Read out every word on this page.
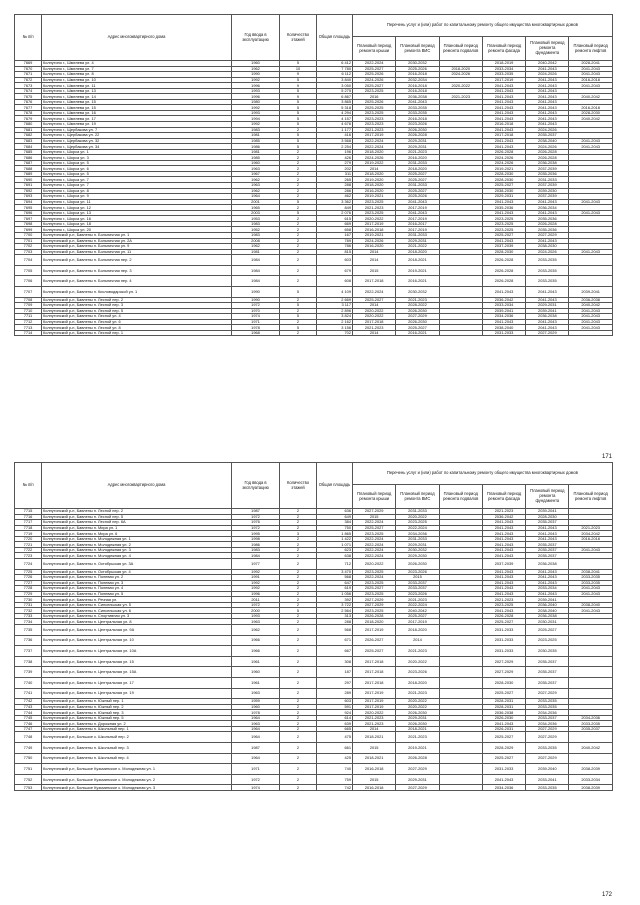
№ п/п	Адрес многоквартирного дома	Год ввода в эксплуатацию	Количество этажей	Общая площадь	Перечень услуг и (или) работ по капитальному ремонту общего имущества многоквартирных домов					
					Плановый период ремонта крыши	Плановый период ремонта ВИС	Плановый период ремонта подвалов	Плановый период ремонта фасада	Плановый период ремонта фундамента	Плановый период ремонта лифтов
7669	Колпутино г., Шмелева ул. 4	1960	5	6 412	2022-2024	2030-2032		2018-2019	2040-2042	2028-2041
7670	Колпутино г., Шмелева ул. 7	1962	10	7 780	2025-2027	2025-2026	2018-2020	2033-2034	2041-2043	2041-2043
7671	Колпутино г., Шмелева ул. 8	1990	9	6 112	2025-2026	2016-2018	2024-2026	2033-2035	2024-2026	2041-2043
7672	Колпутино г., Шмелева ул. 10	1992	5	3 840	2024-2026	2032-2034		2017-2019	2041-2043	2016-2018
7673	Колпутино г., Шмелева ул. 11	1996	9	3 050	2025-2027	2016-2018	2020-2022	2041-2043	2041-2043	2041-2043
7674	Колпутино г., Шмелева ул. 13	1993	5	5 275	2023-2025	2016-2018		2041-2043	2041-2043	
7675	Колпутино г., Шмелева ул. 14	1996	9	6 867	2016	2036-2038	2021-2023	2041-2043	2041-2043	2040-2042
7676	Колпутино г., Шмелева ул. 15	1980	5	3 865	2025-2026	2041-2043		2041-2043	2041-2043	
7677	Колпутино г., Шмелева ул. 15	1992	5	5 318	2025-2025	2033-2035		2041-2043	2041-2043	2016-2018
7678	Колпутино г., Шмелева ул. 16	1993	5	4 294	2023-2025	2033-2035		2041-2043	2041-2043	2028-2030
7679	Колпутино г., Шмелева ул. 17	1994	5	4 157	2023-2023	2016-2018		2041-2043	2041-2043	2040-2042
7680	Колпутино г., Шмелева ул. 19	1992	5	4 676	2023-2023	2023-2026		2016-2018	2041-2043	
7681	Колпутино г., Щербакова ул. 7	1983	2	1 177	2021-2023	2026-2030		2041-2043	2024-2026	
7682	Колпутино г., Щербакова ул. 22	1981	5	416	2017-2019	2026-2028		2017-2018	2035-2037	
7683	Колпутино г., Щербакова ул. 32	1985	5	3 568	2022-2024	2029-2031		2041-2043	2038-2040	2041-2043
7684	Колпутино г., Щербакова ул. 34	1986	5	2 254	2022-2024	2029-2031		2041-2043	2024-2026	2041-2043
7685	Колпутино г., Шорса ул. 1	1981	2	196	2018-2020	2021-2023		2026-2028	2026-2028	
7686	Колпутино г., Шорса ул. 3	1985	2	426	2024-2026	2016-2020		2024-2026	2026-2028	
7687	Колпутино г., Шорса ул. 5	1960	2	279	2019-2022	2031-2033		2024-2026	2036-2038	
7688	Колпутино г., Шорса ул. 6	1963	2	202	2014	2018-2020		2019-2021	2037-2039	
7689	Колпутино г., Шорса ул. 5	1967	2	311	2018-2020	2025-2027		2028-2030	2035-2036	
7690	Колпутино г., Шорса ул. 7	1962	2	265	2019-2020	2025-2027		2028-2030	2031-2033	
7691	Колпутино г., Шорса ул. 7	1963	2	288	2018-2020	2031-2033		2025-2027	2037-2039	
7692	Колпутино г., Шорса ул. 8	1962	2	286	2016-2020	2025-2027		2038-2030	2039-2030	
7693	Колпутино г., Шорса ул. 9	1964	2	462	2019-2021	2025-2026		2029-2031	2037-2039	
7694	Колпутино г., Шорса ул. 11	2001	5	3 362	2023-2025	2041-2043		2041-2043	2041-2043	2041-2043
7695	Колпутино г., Шорса ул. 12	1965	2	849	2021-2023	2017-2019		2035-2036	2036-2034	
7696	Колпутино г., Шорса ул. 13	2003	5	2 076	2023-2025	2041-2043		2041-2043	2041-2043	2041-2043
7697	Колпутино г., Шорса ул. 16	1953	2	615	2020-2022	2017-2019		2023-2025	2035-2036	
7698	Колпутино г., Шорса ул. 18	1983	2	669	2017-2019	2016-2017		2023-2025	2026-2028	
7699	Колпутино г., Шорса ул. 20	1952	2	658	2016-2018	2017-2019		2023-2025	2035-2036	
7700	Колпутинский р-н, Бавлены п. Больничная ул. 1	1983	2	167	2019-2021	2031-2033		2025-2027	2027-2029	
7701	Колпутинский р-н, Бавлены п. Больничная ул. 2А	2008	2	789	2024-2026	2029-2031		2041-2043	2041-2043	
7702	Колпутинский р-н, Бавлены п. Больничная ул. 9	1962	2	786	2016-2020	2021-2022		2037-2039	2038-2030	
7703	Колпутинский р-н, Бавлены п. Больничная ул. 11	1981	2	815	2014	2018-2020		2028-2030	2024-2026	2041-2043
7704	Колпутинский р-н, Бавлены п. Больничная пер. 2	1984	2	603	2014	2018-2021		2026-2028	2033-2035	
7705	Колпутинский р-н, Бавлены п. Больничная пер. 3	1984	2	679	2015	2019-2021		2026-2028	2033-2035	
7706	Колпутинский р-н, Бавлены п. Больничная пер. 4	1984	2	608	2017-2018	2016-2021		2026-2028	2033-2035	
7707	Колпутинский р-н, Бавлены п. Кисловодарской ул. 1	1990	5	4 109	2022-2024	2030-2032		2041-2043	2041-2043	2039-2041
7708	Колпутинский р-н, Бавлены п. Лесной пер. 2	1990	2	2 669	2025-2027	2021-2023		2036-2042	2041-2043	2036-2038
7709	Колпутинский р-н, Бавлены п. Лесной пер. 3	1972	5	3 117	2014	2028-2022		2033-2034	2029-2031	2040-2042
7710	Колпутинский р-н, Бавлены п. Лесной пер. 5	1970	2	2 896	2020-2022	2026-2030		2039-2041	2039-2041	2041-2043
7711	Колпутинский р-н, Бавлены п. Лесной ул. 4	1974	5	3 824	2020-2022	2027-2029		2034-2036	2036-2038	2041-2043
7712	Колпутинский р-н, Бавлены п. Лесной ул. 6	1971	2	2 162	2017-2018	2026-2030		2041-2043	2041-2043	2041-2043
7713	Колпутинский р-н, Бавлены п. Лесной ул. 8	1978	5	3 156	2021-2023	2025-2027		2038-2040	2041-2043	2041-2043
7714	Колпутинский р-н, Бавлены п. Лесной пер. 1	1968	2	702	2014	2016-2021		2031-2033	2027-2029	
171
№ п/п	Адрес многоквартирного дома	Год ввода в эксплуатацию	Количество этажей	Общая площадь	Перечень услуг и (или) работ по капитальному ремонту общего имущества многоквартирных домов					
					Плановый период ремонта крыши	Плановый период ремонта ВИС	Плановый период ремонта подвалов	Плановый период ремонта фасада	Плановый период ремонта фундамента	Плановый период ремонта лифтов
7715	Колпутинский р-н, Бавлены п. Лесной пер. 2	1987	2	636	2027-2029	2031-2033		2021-2023	2039-2041	
7716	Колпутинский р-н, Бавлены п. Лесной пер. 5	1972	2	649	2015	2020-2022		2036-2042	2028-2030	
7717	Колпутинский р-н, Бавлены п. Лесной пер. 6А	1976	2	384	2022-2024	2023-2025		2041-2043	2035-2037	
7718	Колпутинский р-н, Бавлены п. Мира ул. 1	1972	2	750	2025-2027	2022-2024		2041-2043	2041-2043	2021-2023
7719	Колпутинский р-н, Бавлены п. Мира ул. 6	1995	3	1 865	2023-2025	2034-2036		2041-2043	2041-2043	2034-2042
7720	Колпутинский р-н, Бавлены п. Молодежная ул. 1	1998	2	1 422	2022-2024	2031-2033		2041-2043	2041-2043	2016-2018
7721	Колпутинский р-н, Бавлены п. Молодежная ул. 2	1986	2	1 071	2022-2024	2029-2031		2041-2043	2035-2037	
7722	Колпутинский р-н, Бавлены п. Молодежная ул. 3	1983	2	623	2022-2024	2030-2032		2041-2043	2035-2037	2041-2043
7723	Колпутинский р-н, Бавлены п. Молодежная ул. 4	1984	2	638	2022-2024	2029-2030		2041-2043	2035-2037	
7724	Колпутинский р-н, Бавлены п. Октябрьская ул. 3А	1977	2	712	2020-2022	2026-2030		2037-2039	2036-2038	
7725	Колпутинский р-н, Бавлены п. Октябрьская ул. 4	1992	2	3 470	2023-2025	2023-2026		2041-2043	2041-2043	2038-2041
7726	Колпутинский р-н, Бавлены п. Полевая ул. 2	1991	2	568	2022-2024	2015		2041-2043	2041-2043	2033-2035
7727	Колпутинский р-н, Бавлены п. Полевая ул. 3	1992	2	647	2023-2025	2033-2037		2041-2043	2041-2043	2033-2035
7728	Колпутинский р-н, Бавлены п. Полевая ул. 4	1992	2	619	2025-2027	2033-2037		2041-2043	2033-2034	2041-2043
7729	Колпутинский р-н, Бавлены п. Полевая ул. 5	1996	2	1 056	2023-2025	2023-2026		2041-2043	2041-2043	2041-2043
7730	Колпутинский р-н, Бавлены п. Речная ул.	2011	2	392	2027-2029	2021-2023		2021-2023	2039-2041	
7731	Колпутинский р-н, Бавлены п. Сипсельская ул. 5	1972	2	3 722	2027-2029	2022-2024		2023-2025	2036-2040	2038-2040
7732	Колпутинский р-н, Бавлены п. Сипсельская ул. 6	2000	5	2 564	2023-2025	2040-2042		2041-2043	2038-2040	2041-2043
7733	Колпутинский р-н, Бавлены п. Спортивная ул. 3	1993	2	313	2026-2028	2025-2027		2026-2028	2036-2038	
7734	Колпутинский р-н, Бавлены п. Центральная ул. 8	1963	2	288	2018-2020	2017-2019		2025-2027	2030-2031	
7735	Колпутинский р-н, Бавлены п. Центральная ул. 9А	1962	2	568	2017-2019	2018-2020		2031-2033	2025-2027	
7736	Колпутинский р-н, Бавлены п. Центральная ул. 10	1966	2	671	2026-2027	2014		2031-2033	2023-2025	
7737	Колпутинский р-н, Бавлены п. Центральная ул. 10А	1966	2	667	2025-2027	2021-2023		2031-2033	2030-2035	
7738	Колпутинский р-н, Бавлены п. Центральная ул. 15	1961	2	308	2017-2018	2020-2022		2027-2029	2035-2037	
7739	Колпутинский р-н, Бавлены п. Центральная ул. 15А	1960	2	187	2017-2018	2023-2026		2027-2029	2035-2037	
7740	Колпутинский р-н, Бавлены п. Центральная ул. 17	1961	2	297	2017-2018	2018-2020		2028-2030	2035-2037	
7741	Колпутинский р-н, Бавлены п. Центральная ул. 19	1963	2	289	2017-2019	2021-2023		2025-2027	2027-2029	
7742	Колпутинский р-н, Бавлены п. Южный пер. 1	1959	2	603	2017-2019	2020-2022		2028-2031	2033-2035	
7743	Колпутинский р-н, Бавлены п. Южный пер. 2	1960	2	591	2017-2019	2020-2022		2028-2031	2033-2035	
7744	Колпутинский р-н, Бавлены п. Южный пер. 3	1978	2	924	2020-2022	2026-2030		2036-2038	2034-2036	
7745	Колпутинский р-н, Бавлены п. Южный пер. 5	1964	2	614	2021-2023	2029-2031		2026-2030	2033-2037	2034-2036
7746	Колпутинский р-н, Бавлены п. Дорожная ул. 2	1963	2	639	2021-2023	2026-2030		2041-2043	2034-2036	2033-2035
7747	Колпутинский р-н, Бавлены п. Школьный пер. 1	1964	2	665	2014	2018-2021		2026-2031	2027-2029	2035-2037
7748	Колпутинский р-н, Большое с. Школьный пер. 2	1964	2	475	2018-2021	2021-2023		2025-2027	2027-2029	
7749	Колпутинский р-н, Бавлены п. Школьный пер. 3	1987	2	661	2015	2019-2021		2028-2029	2033-2035	2040-2042
7750	Колпутинский р-н, Бавлены п. Школьный пер. 4	1964	2	425	2018-2021	2026-2028		2025-2027	2027-2029	
7751	Колпутинский р-н, Большое Кузьминское с. Молодежная ул. 1	1971	2	740	2016-2018	2027-2029		2031-2033	2039-2040	2038-2039
7752	Колпутинский р-н, Большое Кузьминское с. Молодежная ул. 2	1972	2	759	2015	2029-2031		2041-2043	2033-2041	2033-2034
7753	Колпутинский р-н, Большое Кузьминское с. Молодежная ул. 3	1974	2	742	2016-2018	2027-2029		2034-2036	2033-2035	2038-2039
172
